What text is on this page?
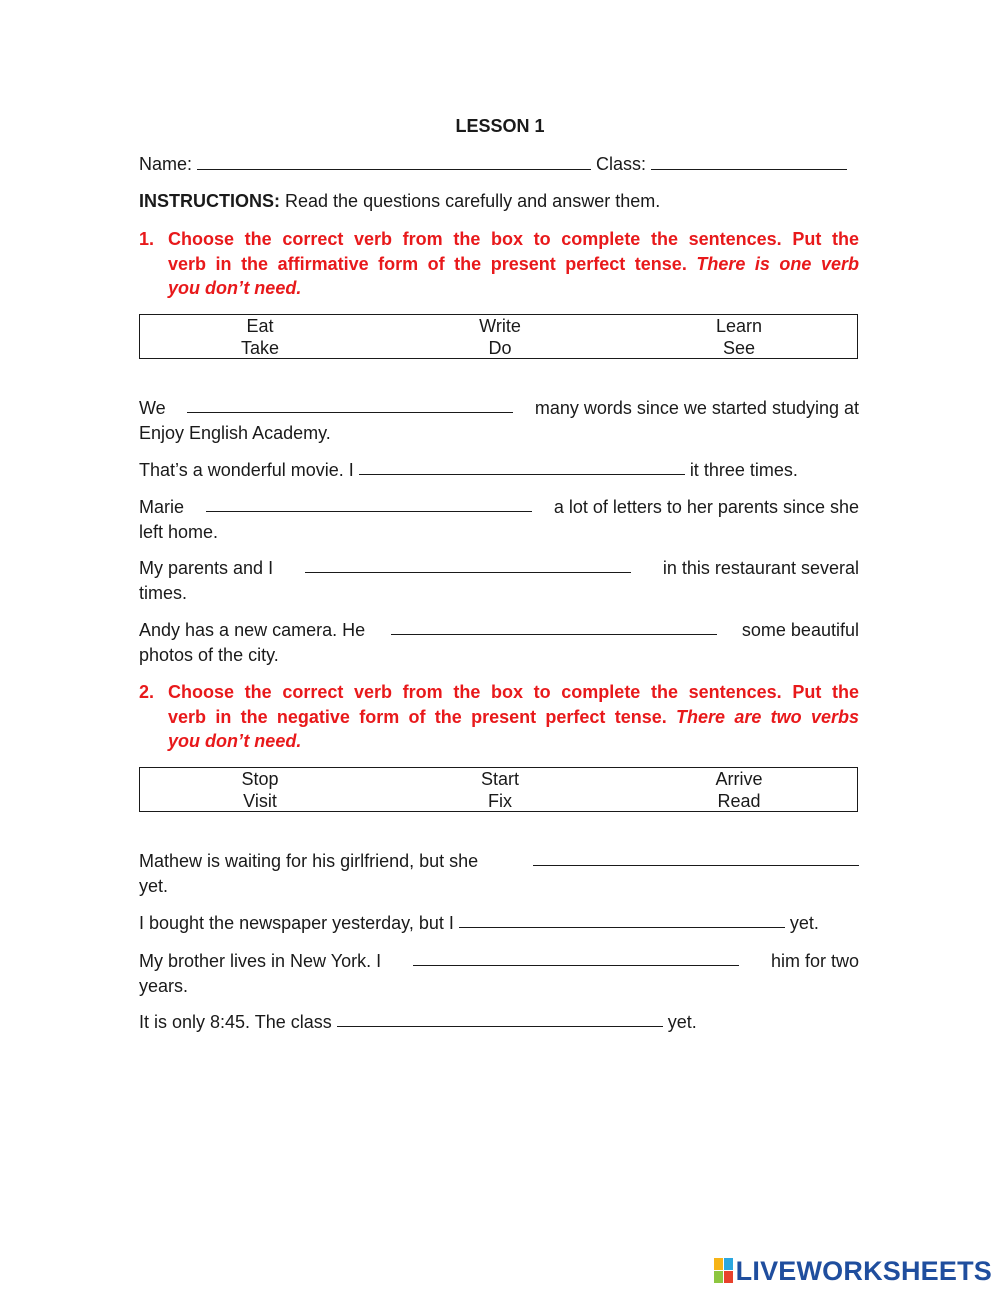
LESSON 1
Name:	Class:
INSTRUCTIONS: Read the questions carefully and answer them.
1. Choose the correct verb from the box to complete the sentences. Put the
verb in the affirmative form of the present perfect tense. There is one verb
you don’t need.
Eat	Write	Learn
Take	Do	See
We	many words since we started studying at
Enjoy English Academy.
That’s a wonderful movie. I

	it three times.
Marie	a lot of letters to her parents since she
left home.
My parents and I	in this restaurant several
times.
Andy has a new camera. He	some beautiful
photos of the city.
2. Choose the correct verb from the box to complete the sentences. Put the
verb in the negative form of the present perfect tense. There are two verbs
you don’t need.
Stop	Start	Arrive
Visit	Fix	Read
Mathew is waiting for his girlfriend, but she
yet.
I bought the newspaper yesterday, but I

	yet.
My brother lives in New York. I	him for two
years.
It is only 8:45. The class

	yet.
LIVEWORKSHEETS
